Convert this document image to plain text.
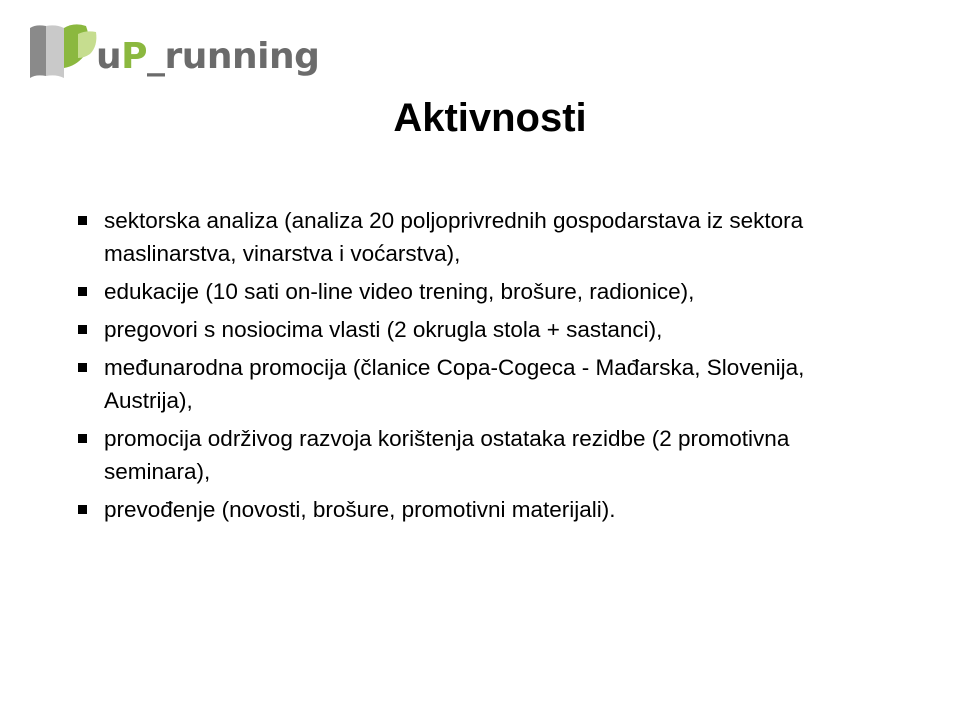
uP_running
Aktivnosti
sektorska analiza (analiza 20 poljoprivrednih gospodarstava iz sektora maslinarstva, vinarstva i voćarstva),
edukacije (10 sati on-line video trening, brošure, radionice),
pregovori s nosiocima vlasti (2 okrugla stola + sastanci),
međunarodna promocija (članice Copa-Cogeca - Mađarska, Slovenija, Austrija),
promocija održivog razvoja korištenja ostataka rezidbe (2 promotivna seminara),
prevođenje (novosti, brošure, promotivni materijali).
